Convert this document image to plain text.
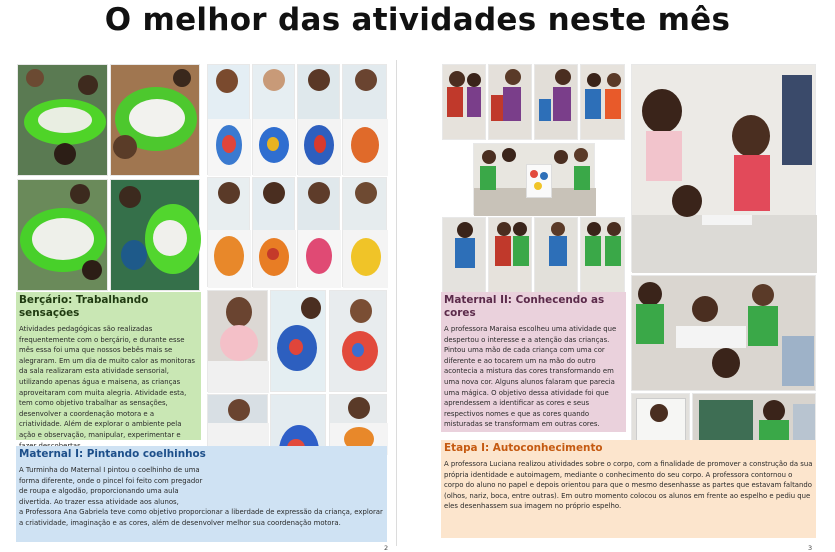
O melhor das atividades neste mês
Berçário: Trabalhando sensações

Atividades pedagógicas são realizadas frequentemente com o berçário, e durante esse mês essa foi uma que nossos bebês mais se alegraram. Em um dia de muito calor as monitoras da sala realizaram esta atividade sensorial, utilizando apenas água e maisena, as crianças aproveitaram com muita alegria. Atividade esta, tem como objetivo trabalhar as sensações, desenvolver a coordenação motora e a criatividade. Além de explorar o ambiente pela ação e observação, manipular, experimentar e

Maternal I: Pintando coelhinhos

A Turminha do Maternal I pintou o coelhinho de uma forma diferente, onde o pincel foi feito com pregador de roupa e algodão, proporcionando uma aula divertida. Ao trazer essa atividade aos alunos,

a Professora Ana Gabriela teve como objetivo proporcionar a liberdade de expressão da criança, explorar a criatividade, imaginação e as cores, além de desenvolver melhor sua coordenação motora.

2
Maternal II: Conhecendo as cores

A professora Maraisa escolheu uma atividade que despertou o interesse e a atenção das crianças. Pintou uma mão de cada criança com uma cor diferente e ao tocarem um na mão do outro acontecia a mistura das cores transformando em uma nova cor. Alguns alunos falaram que parecia uma mágica. O objetivo dessa atividade foi que aprendessem a identificar as cores e seus respectivos nomes e que as cores quando misturadas se transformam em outras cores.

Etapa I: Autoconhecimento

A professora Luciana realizou atividades sobre o corpo, com a finalidade de promover a construção da sua própria identidade e autoimagem, mediante o conhecimento do seu corpo. A professora contornou o corpo do aluno no papel e depois orientou para que o mesmo desenhasse as partes que estavam faltando (olhos, nariz, boca, entre outras). Em outro momento colocou os alunos em frente ao espelho e pediu que eles desenhassem sua imagem no próprio espelho.

3
